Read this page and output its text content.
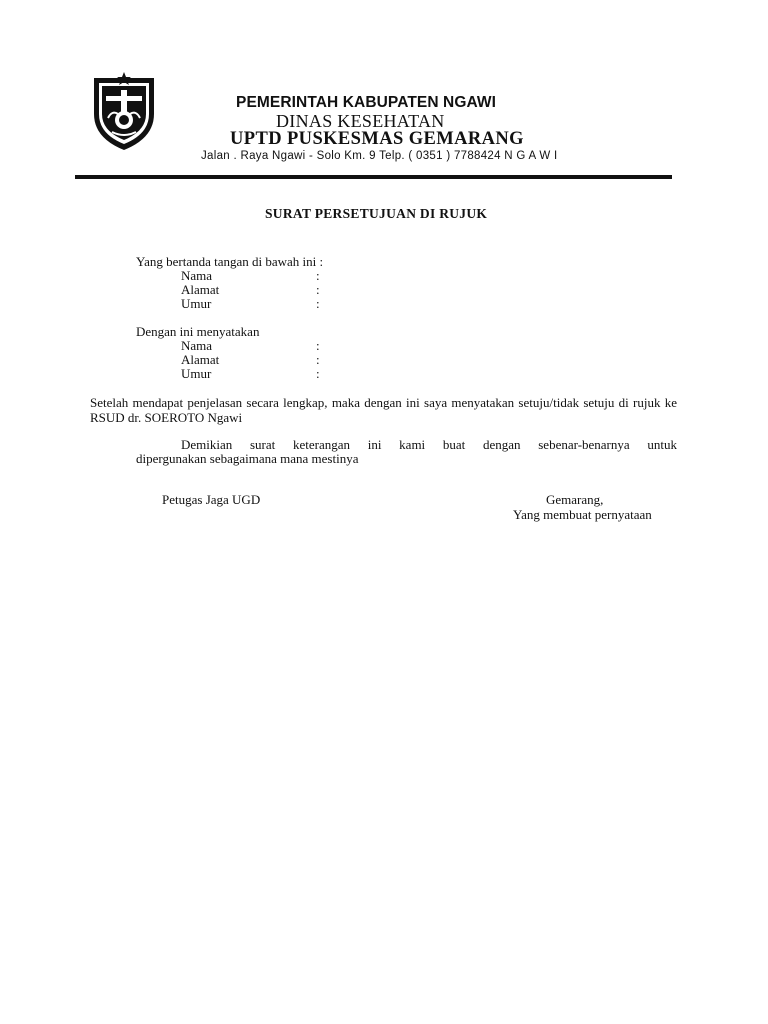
PEMERINTAH KABUPATEN NGAWI
DINAS KESEHATAN
UPTD PUSKESMAS GEMARANG
Jalan . Raya Ngawi - Solo Km. 9 Telp. ( 0351 ) 7788424 N G A W I
SURAT PERSETUJUAN DI RUJUK
Yang bertanda tangan di bawah ini :
Nama	:
Alamat	:
Umur	:
Dengan ini menyatakan
Nama	:
Alamat	:
Umur	:
Setelah mendapat penjelasan secara lengkap, maka dengan ini saya menyatakan setuju/tidak setuju di rujuk ke RSUD dr. SOEROTO Ngawi
Demikian surat keterangan ini kami buat dengan sebenar-benarnya untuk
dipergunakan sebagaimana mana mestinya
Petugas Jaga UGD	Gemarang,
Yang membuat pernyataan
